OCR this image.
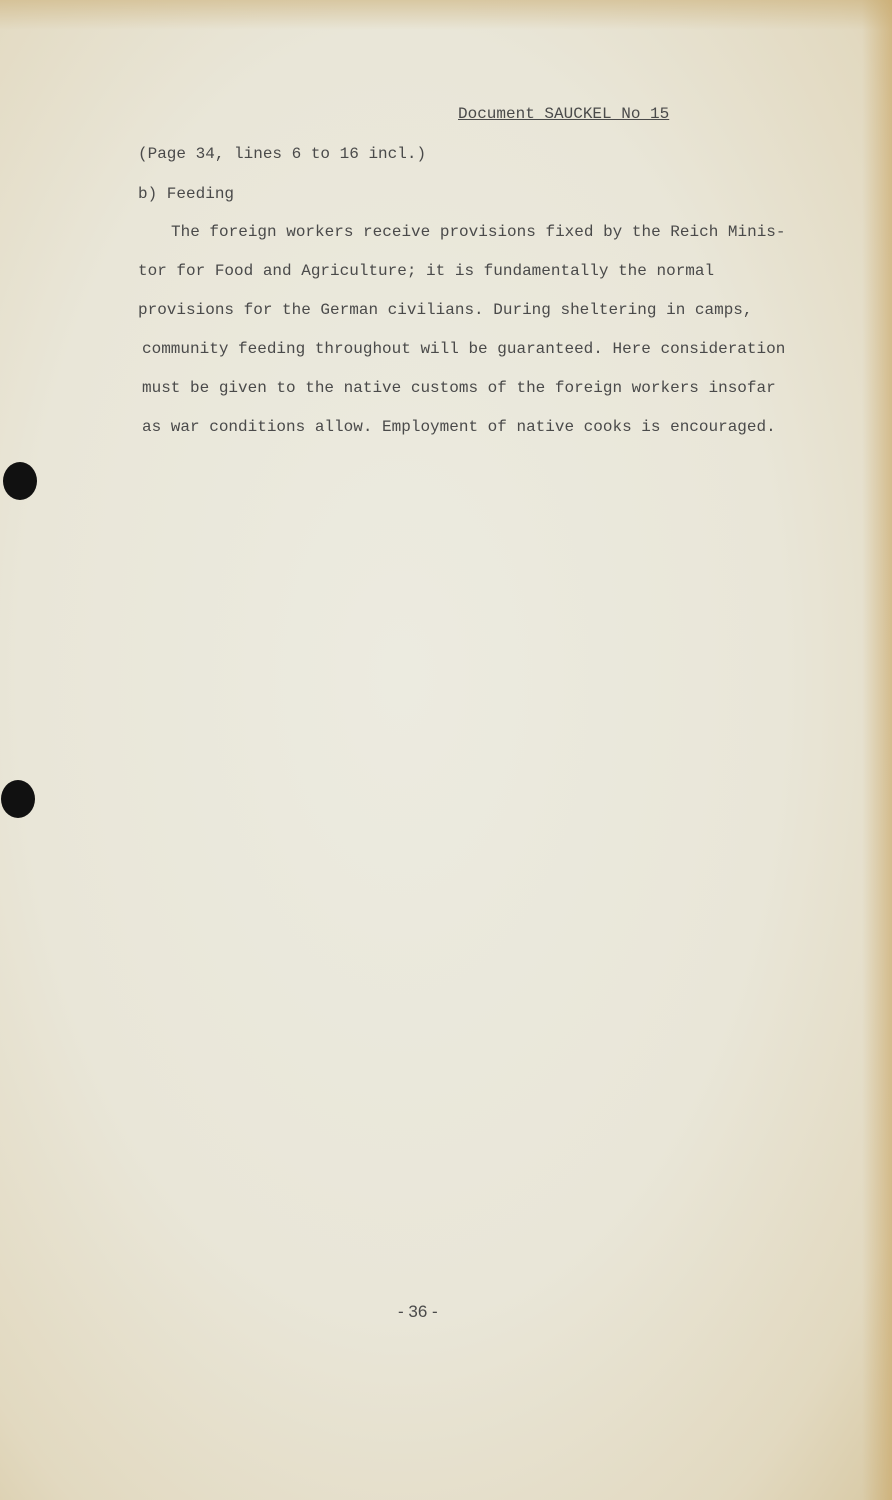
Document SAUCKEL No 15
(Page 34, lines 6 to 16 incl.)
b) Feeding
The foreign workers receive provisions fixed by the Reich Minis-
tor for Food and Agriculture; it is fundamentally the normal
provisions for the German civilians. During sheltering in camps,
community feeding throughout will be guaranteed. Here consideration
must be given to the native customs of the foreign workers insofar
as war conditions allow. Employment of native cooks is encouraged.
- 36 -
